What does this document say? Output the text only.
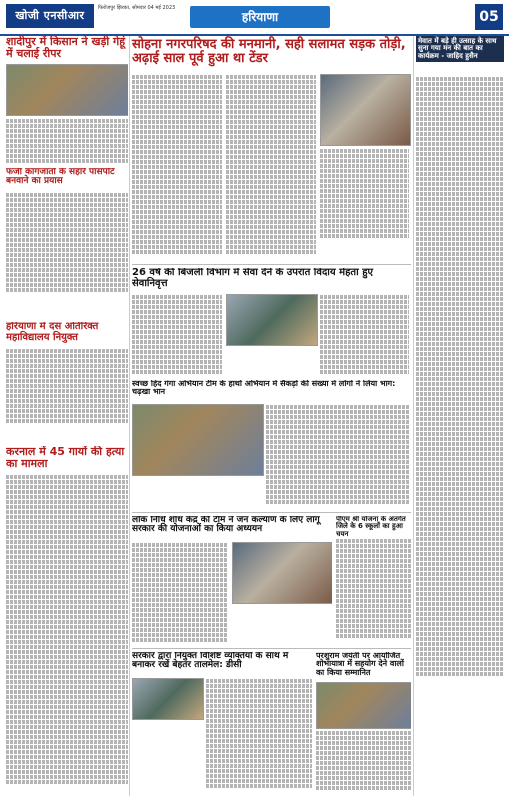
खोजी एनसीआर
फिरोजपुर झिरका, सोमवार 04 मई 2023
हरियाणा	05
शादीपुर में किसान ने खड़ी गेहूं में चलाई रीपर
फर्जी कागजातों के सहारे पासपोर्ट बनवाने का प्रयास
हरियाणा में दस अतिरिक्त महाविद्यालय नियुक्त
करनाल में 45 गायों की हत्या का मामला
सोहना नगरपरिषद की मनमानी, सही सलामत सड़क तोड़ी, अढ़ाई साल पूर्व हुआ था टेंडर
26 वर्ष की बिजली विभाग में सेवा देने के उपरांत विदाय मेहता हुए सेवानिवृत्त
स्वच्छ हिंद गंगा अभियान टीम के हाथों अभियान में सैकड़ों की संख्या में लोगों ने लिया भाग: चढ़खा भान
लोक निधि शोध केंद्र की टीम ने जन कल्याण के लिए लागू सरकार की योजनाओं का किया अध्ययन
पीएम श्री योजना के अंतर्गत जिले के 6 स्कूलों का हुआ चयन
सरकार द्वारा नियुक्त विशिष्ट व्यक्तियों के साथ में बनाकर रखें बेहतर तालमेल: डीसी
परशुराम जयंती पर आयोजित शोभायात्रा में सहयोग देने वालों का किया सम्मानित
मेवात में बड़े ही उत्साह के साथ सुना गया मन की बात का कार्यक्रम - जाहिद हुसैन
